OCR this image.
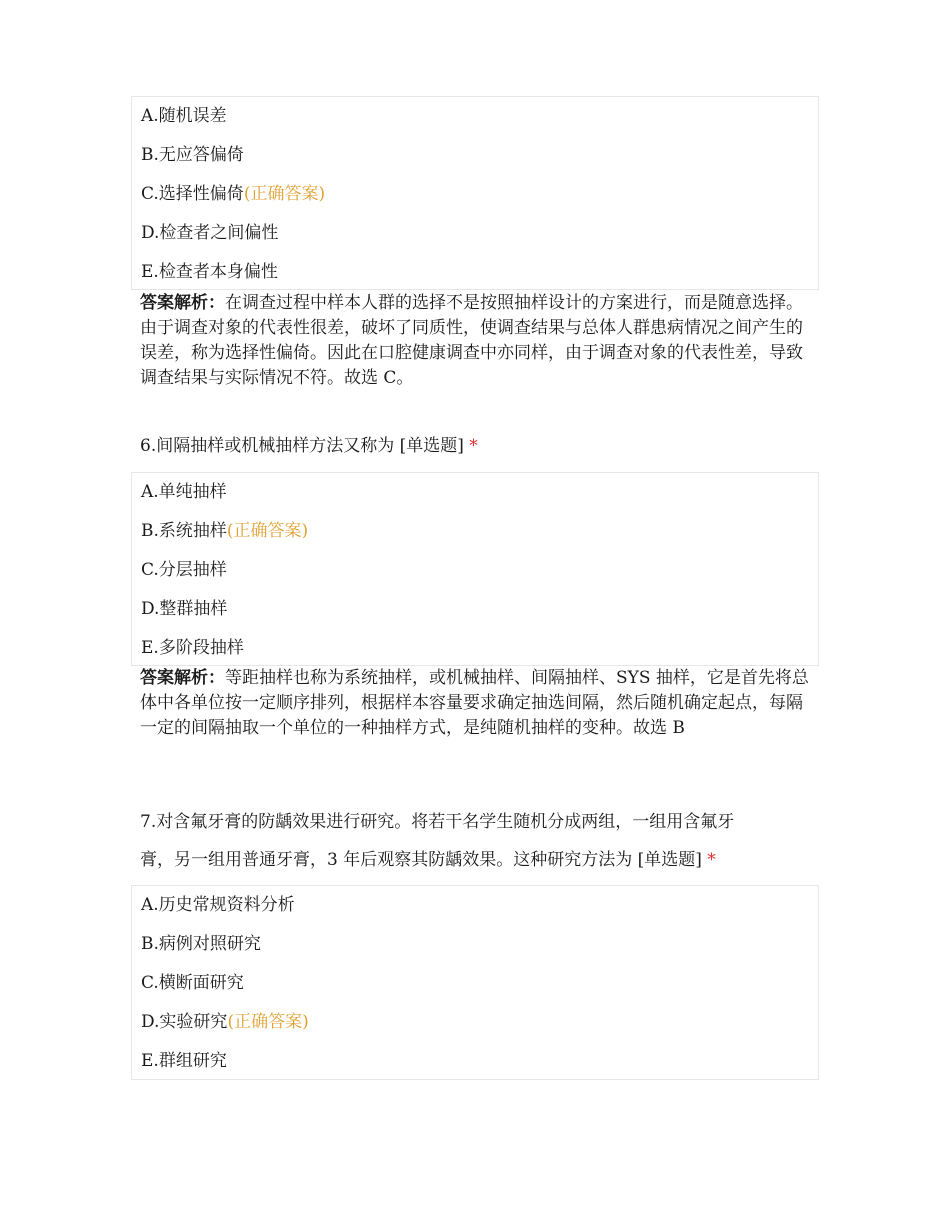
A.随机误差
B.无应答偏倚
C.选择性偏倚(正确答案)
D.检查者之间偏性
E.检查者本身偏性
答案解析：在调查过程中样本人群的选择不是按照抽样设计的方案进行，而是随意选择。由于调查对象的代表性很差，破坏了同质性，使调查结果与总体人群患病情况之间产生的误差，称为选择性偏倚。因此在口腔健康调查中亦同样，由于调查对象的代表性差，导致调查结果与实际情况不符。故选 C。
6.间隔抽样或机械抽样方法又称为 [单选题] *
A.单纯抽样
B.系统抽样(正确答案)
C.分层抽样
D.整群抽样
E.多阶段抽样
答案解析：等距抽样也称为系统抽样，或机械抽样、间隔抽样、SYS 抽样，它是首先将总体中各单位按一定顺序排列，根据样本容量要求确定抽选间隔，然后随机确定起点，每隔一定的间隔抽取一个单位的一种抽样方式，是纯随机抽样的变种。故选 B
7.对含氟牙膏的防龋效果进行研究。将若干名学生随机分成两组，一组用含氟牙
膏，另一组用普通牙膏，3 年后观察其防龋效果。这种研究方法为 [单选题] *
A.历史常规资料分析
B.病例对照研究
C.横断面研究
D.实验研究(正确答案)
E.群组研究
